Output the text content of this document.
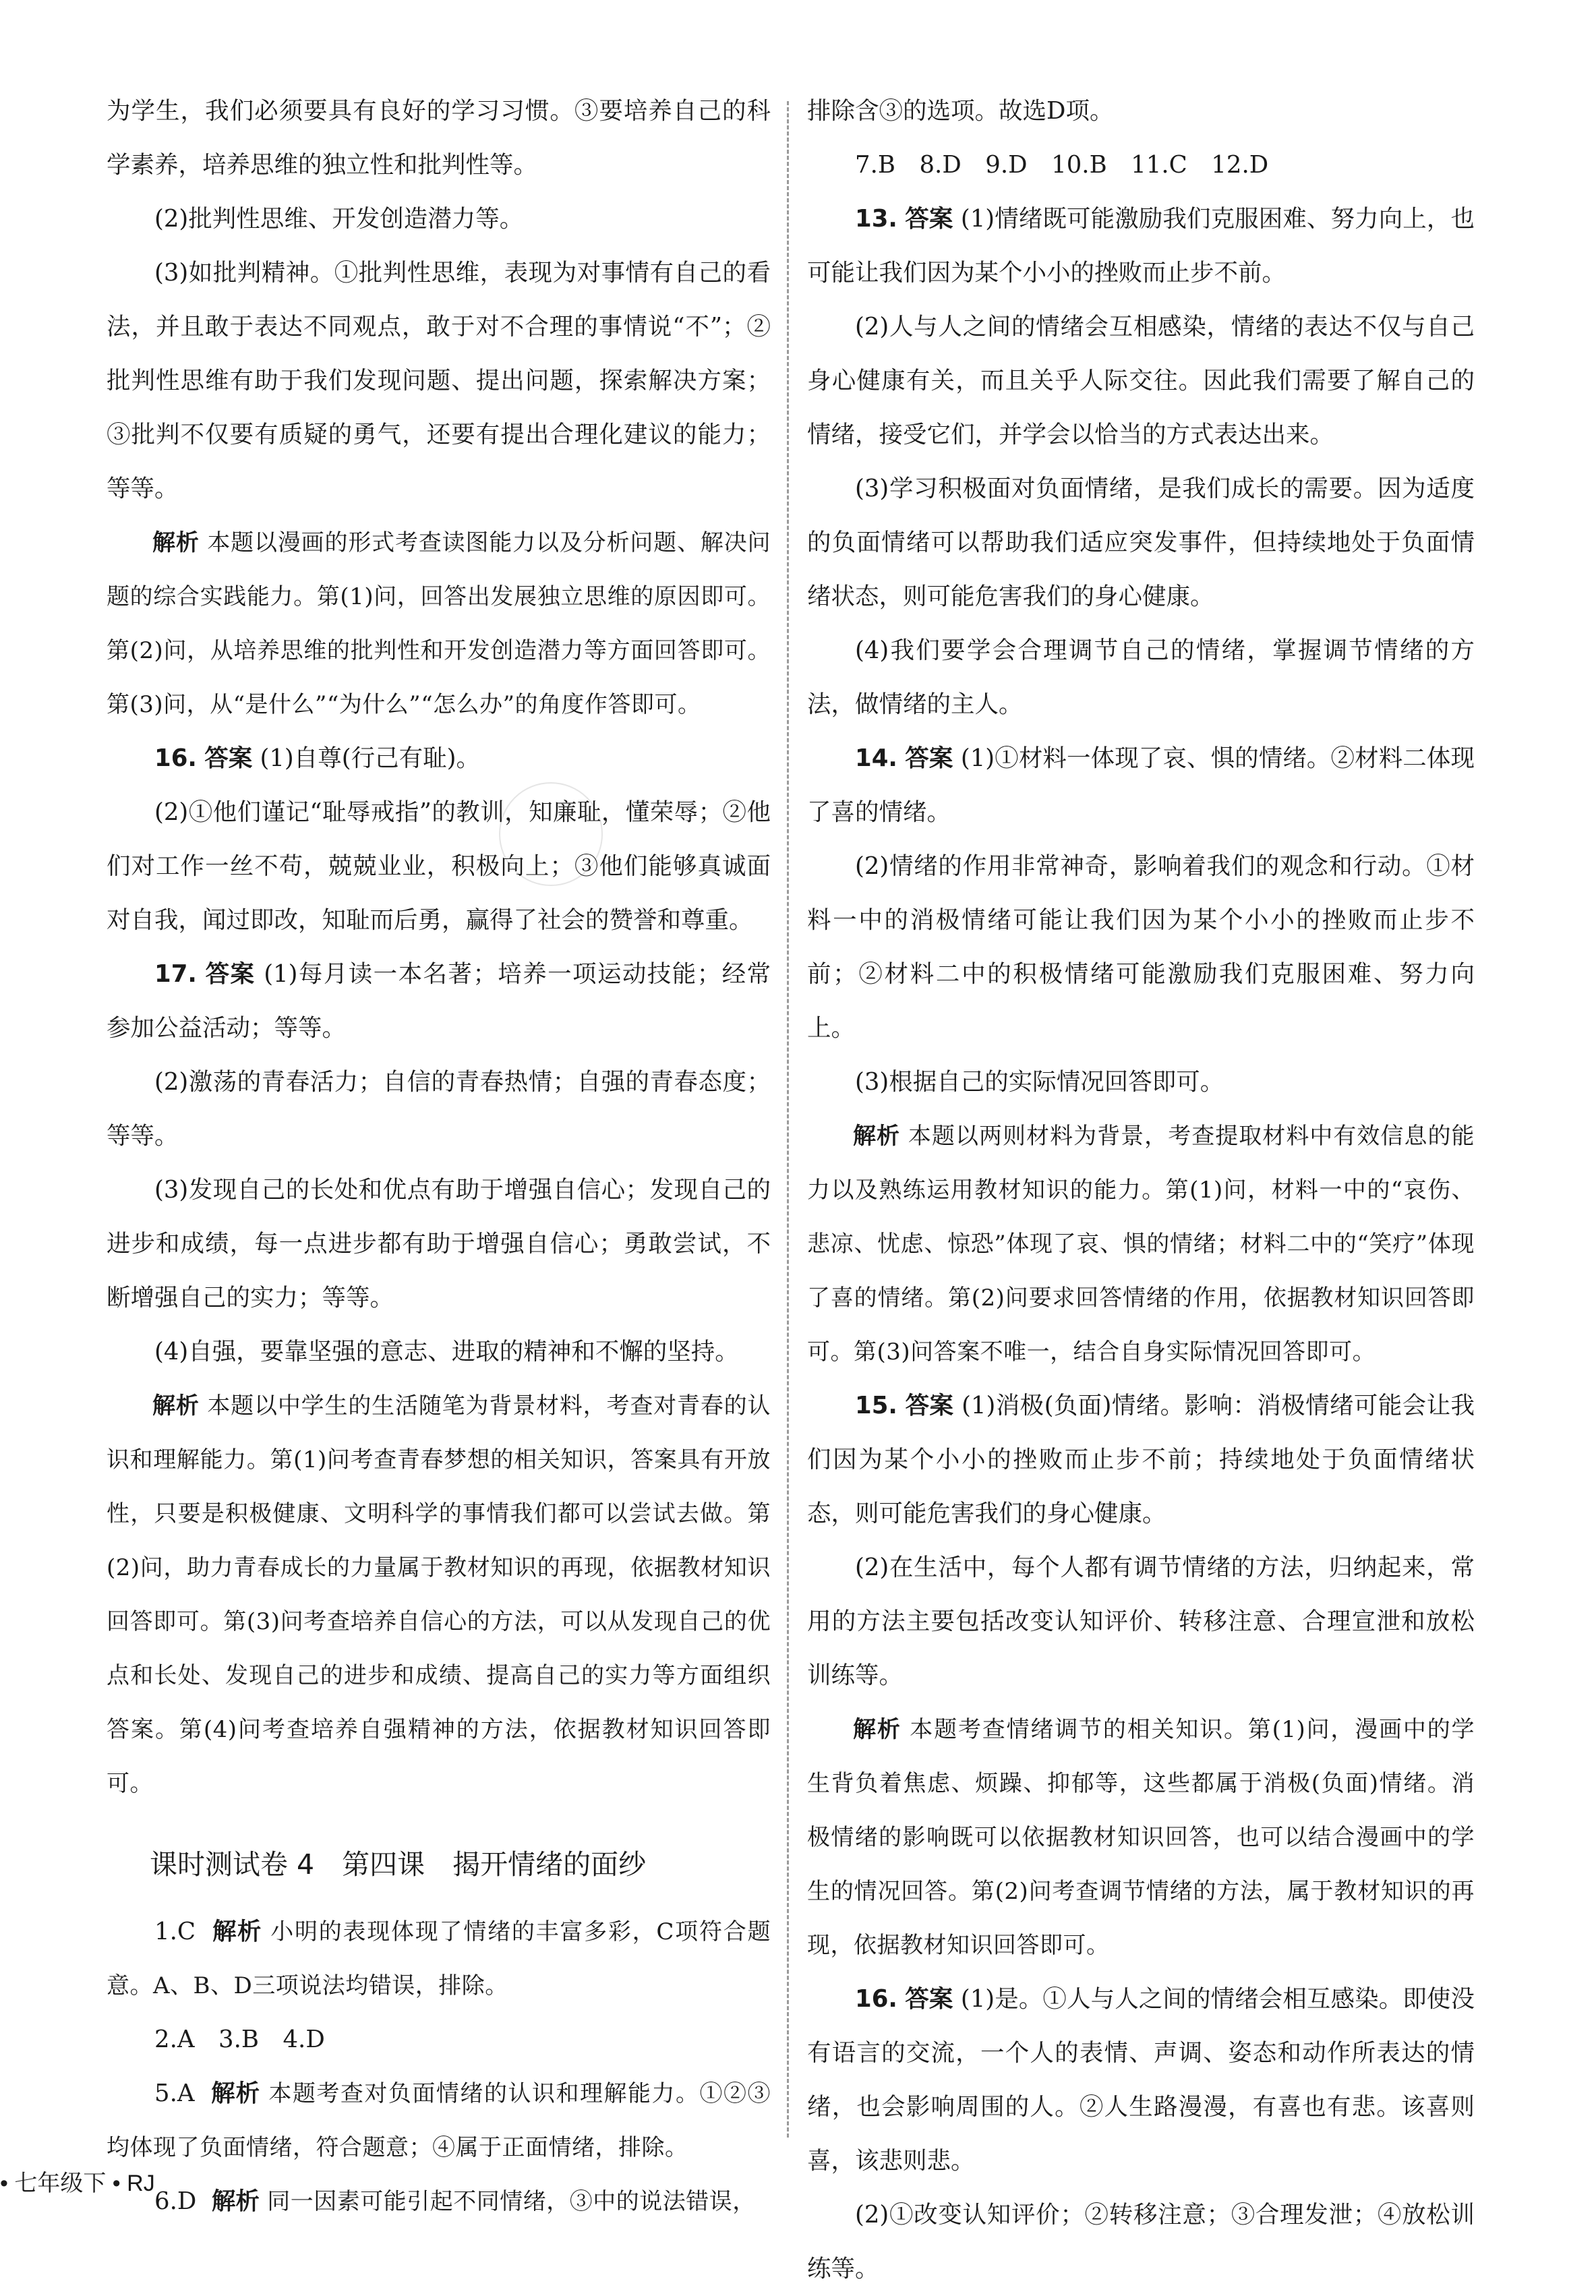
为学生，我们必须要具有良好的学习习惯。③要培养自己的科学素养，培养思维的独立性和批判性等。

(2)批判性思维、开发创造潜力等。

(3)如批判精神。①批判性思维，表现为对事情有自己的看法，并且敢于表达不同观点，敢于对不合理的事情说“不”；②批判性思维有助于我们发现问题、提出问题，探索解决方案；③批判不仅要有质疑的勇气，还要有提出合理化建议的能力；等等。

解析 本题以漫画的形式考查读图能力以及分析问题、解决问题的综合实践能力。第(1)问，回答出发展独立思维的原因即可。第(2)问，从培养思维的批判性和开发创造潜力等方面回答即可。第(3)问，从“是什么”“为什么”“怎么办”的角度作答即可。

16. 答案 (1)自尊(行己有耻)。

(2)①他们谨记“耻辱戒指”的教训，知廉耻，懂荣辱；②他们对工作一丝不苟，兢兢业业，积极向上；③他们能够真诚面对自我，闻过即改，知耻而后勇，赢得了社会的赞誉和尊重。

17. 答案 (1)每月读一本名著；培养一项运动技能；经常参加公益活动；等等。

(2)激荡的青春活力；自信的青春热情；自强的青春态度；等等。

(3)发现自己的长处和优点有助于增强自信心；发现自己的进步和成绩，每一点进步都有助于增强自信心；勇敢尝试，不断增强自己的实力；等等。

(4)自强，要靠坚强的意志、进取的精神和不懈的坚持。

解析 本题以中学生的生活随笔为背景材料，考查对青春的认识和理解能力。第(1)问考查青春梦想的相关知识，答案具有开放性，只要是积极健康、文明科学的事情我们都可以尝试去做。第(2)问，助力青春成长的力量属于教材知识的再现，依据教材知识回答即可。第(3)问考查培养自信心的方法，可以从发现自己的优点和长处、发现自己的进步和成绩、提高自己的实力等方面组织答案。第(4)问考查培养自强精神的方法，依据教材知识回答即可。

课时测试卷 4　第四课　揭开情绪的面纱

1.C 解析 小明的表现体现了情绪的丰富多彩，C项符合题意。A、B、D三项说法均错误，排除。

2.A　3.B　4.D

5.A 解析 本题考查对负面情绪的认识和理解能力。①②③均体现了负面情绪，符合题意；④属于正面情绪，排除。

6.D 解析 同一因素可能引起不同情绪，③中的说法错误，

排除含③的选项。故选D项。

7.B　8.D　9.D　10.B　11.C　12.D

13. 答案 (1)情绪既可能激励我们克服困难、努力向上，也可能让我们因为某个小小的挫败而止步不前。

(2)人与人之间的情绪会互相感染，情绪的表达不仅与自己身心健康有关，而且关乎人际交往。因此我们需要了解自己的情绪，接受它们，并学会以恰当的方式表达出来。

(3)学习积极面对负面情绪，是我们成长的需要。因为适度的负面情绪可以帮助我们适应突发事件，但持续地处于负面情绪状态，则可能危害我们的身心健康。

(4)我们要学会合理调节自己的情绪，掌握调节情绪的方法，做情绪的主人。

14. 答案 (1)①材料一体现了哀、惧的情绪。②材料二体现了喜的情绪。

(2)情绪的作用非常神奇，影响着我们的观念和行动。①材料一中的消极情绪可能让我们因为某个小小的挫败而止步不前；②材料二中的积极情绪可能激励我们克服困难、努力向上。

(3)根据自己的实际情况回答即可。

解析 本题以两则材料为背景，考查提取材料中有效信息的能力以及熟练运用教材知识的能力。第(1)问，材料一中的“哀伤、悲凉、忧虑、惊恐”体现了哀、惧的情绪；材料二中的“笑疗”体现了喜的情绪。第(2)问要求回答情绪的作用，依据教材知识回答即可。第(3)问答案不唯一，结合自身实际情况回答即可。

15. 答案 (1)消极(负面)情绪。影响：消极情绪可能会让我们因为某个小小的挫败而止步不前；持续地处于负面情绪状态，则可能危害我们的身心健康。

(2)在生活中，每个人都有调节情绪的方法，归纳起来，常用的方法主要包括改变认知评价、转移注意、合理宣泄和放松训练等。

解析 本题考查情绪调节的相关知识。第(1)问，漫画中的学生背负着焦虑、烦躁、抑郁等，这些都属于消极(负面)情绪。消极情绪的影响既可以依据教材知识回答，也可以结合漫画中的学生的情况回答。第(2)问考查调节情绪的方法，属于教材知识的再现，依据教材知识回答即可。

16. 答案 (1)是。①人与人之间的情绪会相互感染。即使没有语言的交流，一个人的表情、声调、姿态和动作所表达的情绪，也会影响周围的人。②人生路漫漫，有喜也有悲。该喜则喜，该悲则悲。

(2)①改变认知评价；②转移注意；③合理发泄；④放松训练等。

• 七年级下 • RJ
